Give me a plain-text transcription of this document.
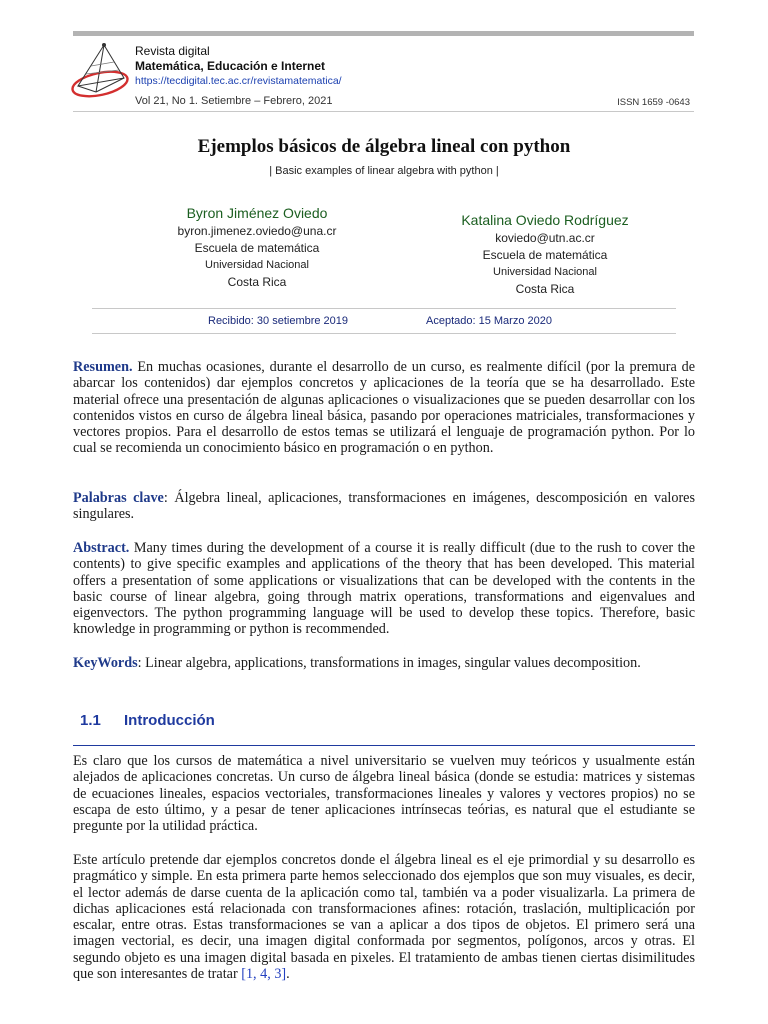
Revista digital
Matemática, Educación e Internet
https://tecdigital.tec.ac.cr/revistamatematica/
Vol 21, No 1. Setiembre – Febrero, 2021	ISSN 1659 -0643
Ejemplos básicos de álgebra lineal con python
| Basic examples of linear algebra with python |
Byron Jiménez Oviedo
byron.jimenez.oviedo@una.cr
Escuela de matemática
Universidad Nacional
Costa Rica
Katalina Oviedo Rodríguez
koviedo@utn.ac.cr
Escuela de matemática
Universidad Nacional
Costa Rica
Recibido: 30 setiembre 2019	Aceptado: 15 Marzo 2020
Resumen. En muchas ocasiones, durante el desarrollo de un curso, es realmente difícil (por la premura de abarcar los contenidos) dar ejemplos concretos y aplicaciones de la teoría que se ha desarrollado. Este material ofrece una presentación de algunas aplicaciones o visualizaciones que se pueden desarrollar con los contenidos vistos en curso de álgebra lineal básica, pasando por operaciones matriciales, transformaciones y vectores propios. Para el desarrollo de estos temas se utilizará el lenguaje de programación python. Por lo cual se recomienda un conocimiento básico en programación o en python.
Palabras clave: Álgebra lineal, aplicaciones, transformaciones en imágenes, descomposición en valores singulares.
Abstract. Many times during the development of a course it is really difficult (due to the rush to cover the contents) to give specific examples and applications of the theory that has been developed. This material offers a presentation of some applications or visualizations that can be developed with the contents in the basic course of linear algebra, going through matrix operations, transformations and eigenvalues and eigenvectors. The python programming language will be used to develop these topics. Therefore, basic knowledge in programming or python is recommended.
KeyWords: Linear algebra, applications, transformations in images, singular values decomposition.
1.1 Introducción
Es claro que los cursos de matemática a nivel universitario se vuelven muy teóricos y usualmente están alejados de aplicaciones concretas. Un curso de álgebra lineal básica (donde se estudia: matrices y sistemas de ecuaciones lineales, espacios vectoriales, transformaciones lineales y valores y vectores propios) no se escapa de esto último, y a pesar de tener aplicaciones intrínsecas teórias, es natural que el estudiante se pregunte por la utilidad práctica.
Este artículo pretende dar ejemplos concretos donde el álgebra lineal es el eje primordial y su desarrollo es pragmático y simple. En esta primera parte hemos seleccionado dos ejemplos que son muy visuales, es decir, el lector además de darse cuenta de la aplicación como tal, también va a poder visualizarla. La primera de dichas aplicaciones está relacionada con transformaciones afines: rotación, traslación, multiplicación por escalar, entre otras. Estas transformaciones se van a aplicar a dos tipos de objetos. El primero será una imagen vectorial, es decir, una imagen digital conformada por segmentos, polígonos, arcos y otras. El segundo objeto es una imagen digital basada en pixeles. El tratamiento de ambas tienen ciertas disimilitudes que son interesantes de tratar [1, 4, 3].
